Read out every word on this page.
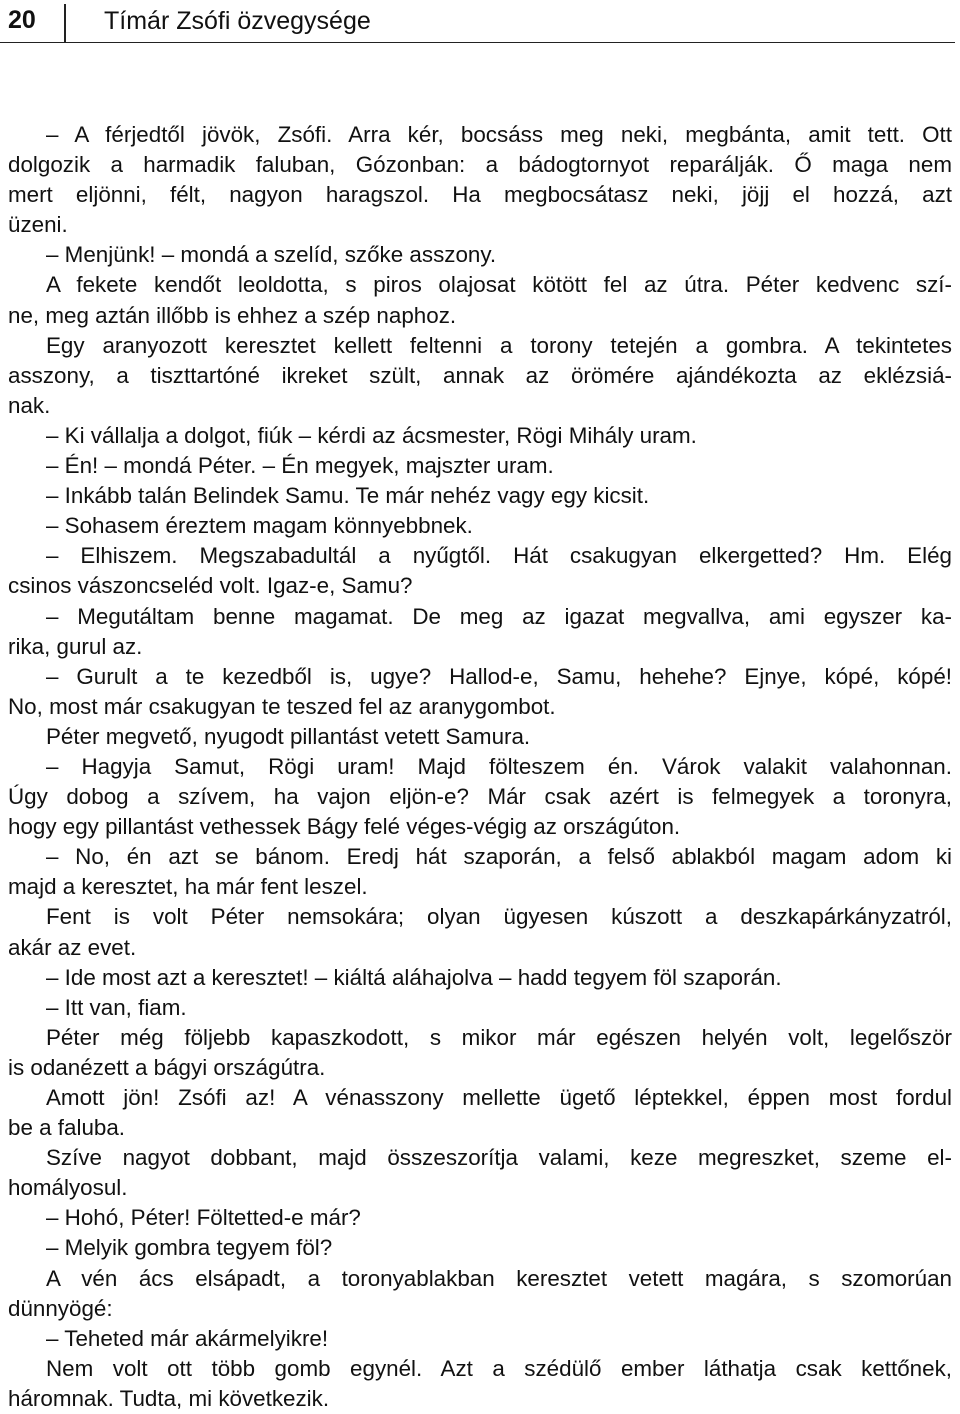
20	Tímár Zsófi özvegysége
– A férjedtől jövök, Zsófi. Arra kér, bocsáss meg neki, megbánta, amit tett. Ott
dolgozik a harmadik faluban, Gózonban: a bádogtornyot reparálják. Ő maga nem
mert eljönni, félt, nagyon haragszol. Ha megbocsátasz neki, jöjj el hozzá, azt
üzeni.
– Menjünk! – mondá a szelíd, szőke asszony.
A fekete kendőt leoldotta, s piros olajosat kötött fel az útra. Péter kedvenc szí-
ne, meg aztán illőbb is ehhez a szép naphoz.
Egy aranyozott keresztet kellett feltenni a torony tetején a gombra. A tekintetes
asszony, a tiszttartóné ikreket szült, annak az örömére ajándékozta az eklézsiá-
nak.
– Ki vállalja a dolgot, fiúk – kérdi az ácsmester, Rögi Mihály uram.
– Én! – mondá Péter. – Én megyek, majszter uram.
– Inkább talán Belindek Samu. Te már nehéz vagy egy kicsit.
– Sohasem éreztem magam könnyebbnek.
– Elhiszem. Megszabadultál a nyűgtől. Hát csakugyan elkergetted? Hm. Elég
csinos vászoncseléd volt. Igaz-e, Samu?
– Megutáltam benne magamat. De meg az igazat megvallva, ami egyszer ka-
rika, gurul az.
– Gurult a te kezedből is, ugye? Hallod-e, Samu, hehehe? Ejnye, kópé, kópé!
No, most már csakugyan te teszed fel az aranygombot.
Péter megvető, nyugodt pillantást vetett Samura.
– Hagyja Samut, Rögi uram! Majd fölteszem én. Várok valakit valahonnan.
Úgy dobog a szívem, ha vajon eljön-e? Már csak azért is felmegyek a toronyra,
hogy egy pillantást vethessek Bágy felé véges-végig az országúton.
– No, én azt se bánom. Eredj hát szaporán, a felső ablakból magam adom ki
majd a keresztet, ha már fent leszel.
Fent is volt Péter nemsokára; olyan ügyesen kúszott a deszkapárkányzatról,
akár az evet.
– Ide most azt a keresztet! – kiáltá aláhajolva – hadd tegyem föl szaporán.
– Itt van, fiam.
Péter még följebb kapaszkodott, s mikor már egészen helyén volt, legelőször
is odanézett a bágyi országútra.
Amott jön! Zsófi az! A vénasszony mellette ügető léptekkel, éppen most fordul
be a faluba.
Szíve nagyot dobbant, majd összeszorítja valami, keze megreszket, szeme el-
homályosul.
– Hohó, Péter! Föltetted-e már?
– Melyik gombra tegyem föl?
A vén ács elsápadt, a toronyablakban keresztet vetett magára, s szomorúan
dünnyögé:
– Teheted már akármelyikre!
Nem volt ott több gomb egynél. Azt a szédülő ember láthatja csak kettőnek,
háromnak. Tudta, mi következik.
